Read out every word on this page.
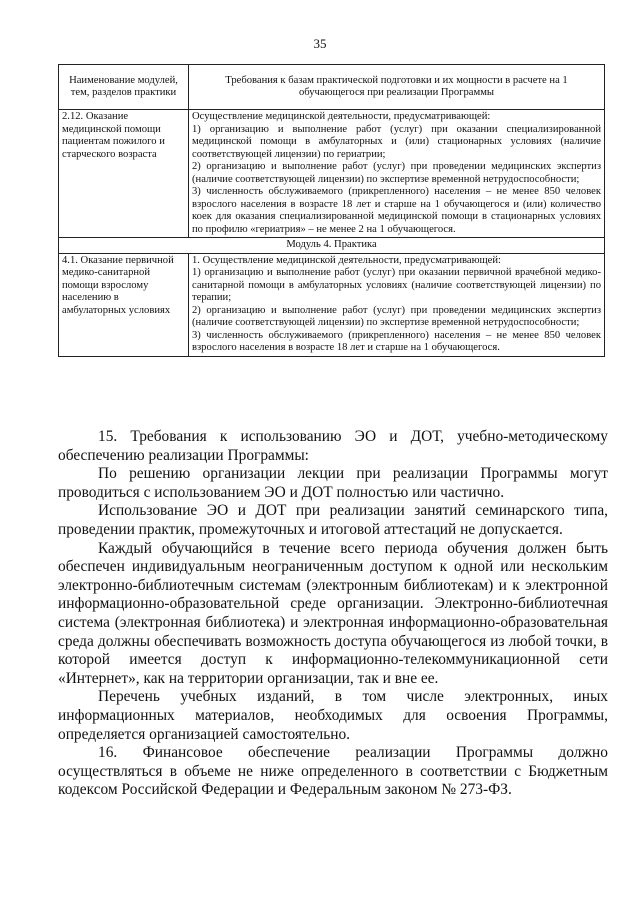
35
Наименование модулей, тем, разделов практики	Требования к базам практической подготовки и их мощности в расчете на 1 обучающегося при реализации Программы
2.12. Оказание медицинской помощи пациентам пожилого и старческого возраста	Осуществление медицинской деятельности, предусматривающей:
1) организацию и выполнение работ (услуг) при оказании специализированной медицинской помощи в амбулаторных и (или) стационарных условиях (наличие соответствующей лицензии) по гериатрии;
2) организацию и выполнение работ (услуг) при проведении медицинских экспертиз (наличие соответствующей лицензии) по экспертизе временной нетрудоспособности;
3) численность обслуживаемого (прикрепленного) населения – не менее 850 человек взрослого населения в возрасте 18 лет и старше на 1 обучающегося и (или) количество коек для оказания специализированной медицинской помощи в стационарных условиях по профилю «гериатрия» – не менее 2 на 1 обучающегося.

Модуль 4. Практика	
4.1. Оказание первичной медико-санитарной помощи взрослому населению в амбулаторных условиях	1. Осуществление медицинской деятельности, предусматривающей:
1) организацию и выполнение работ (услуг) при оказании первичной врачебной медико-санитарной помощи в амбулаторных условиях (наличие соответствующей лицензии) по терапии;
2) организацию и выполнение работ (услуг) при проведении медицинских экспертиз (наличие соответствующей лицензии) по экспертизе временной нетрудоспособности;
3) численность обслуживаемого (прикрепленного) населения – не менее 850 человек взрослого населения в возрасте 18 лет и старше на 1 обучающегося.

15. Требования к использованию ЭО и ДОТ, учебно-методическому обеспечению реализации Программы:

По решению организации лекции при реализации Программы могут проводиться с использованием ЭО и ДОТ полностью или частично.

Использование ЭО и ДОТ при реализации занятий семинарского типа, проведении практик, промежуточных и итоговой аттестаций не допускается.

Каждый обучающийся в течение всего периода обучения должен быть обеспечен индивидуальным неограниченным доступом к одной или нескольким электронно-библиотечным системам (электронным библиотекам) и к электронной информационно-образовательной среде организации. Электронно-библиотечная система (электронная библиотека) и электронная информационно-образовательная среда должны обеспечивать возможность доступа обучающегося из любой точки, в которой имеется доступ к информационно-телекоммуникационной сети «Интернет», как на территории организации, так и вне ее.

Перечень учебных изданий, в том числе электронных, иных информационных материалов, необходимых для освоения Программы, определяется организацией самостоятельно.

16. Финансовое обеспечение реализации Программы должно осуществляться в объеме не ниже определенного в соответствии с Бюджетным кодексом Российской Федерации и Федеральным законом № 273-ФЗ.
